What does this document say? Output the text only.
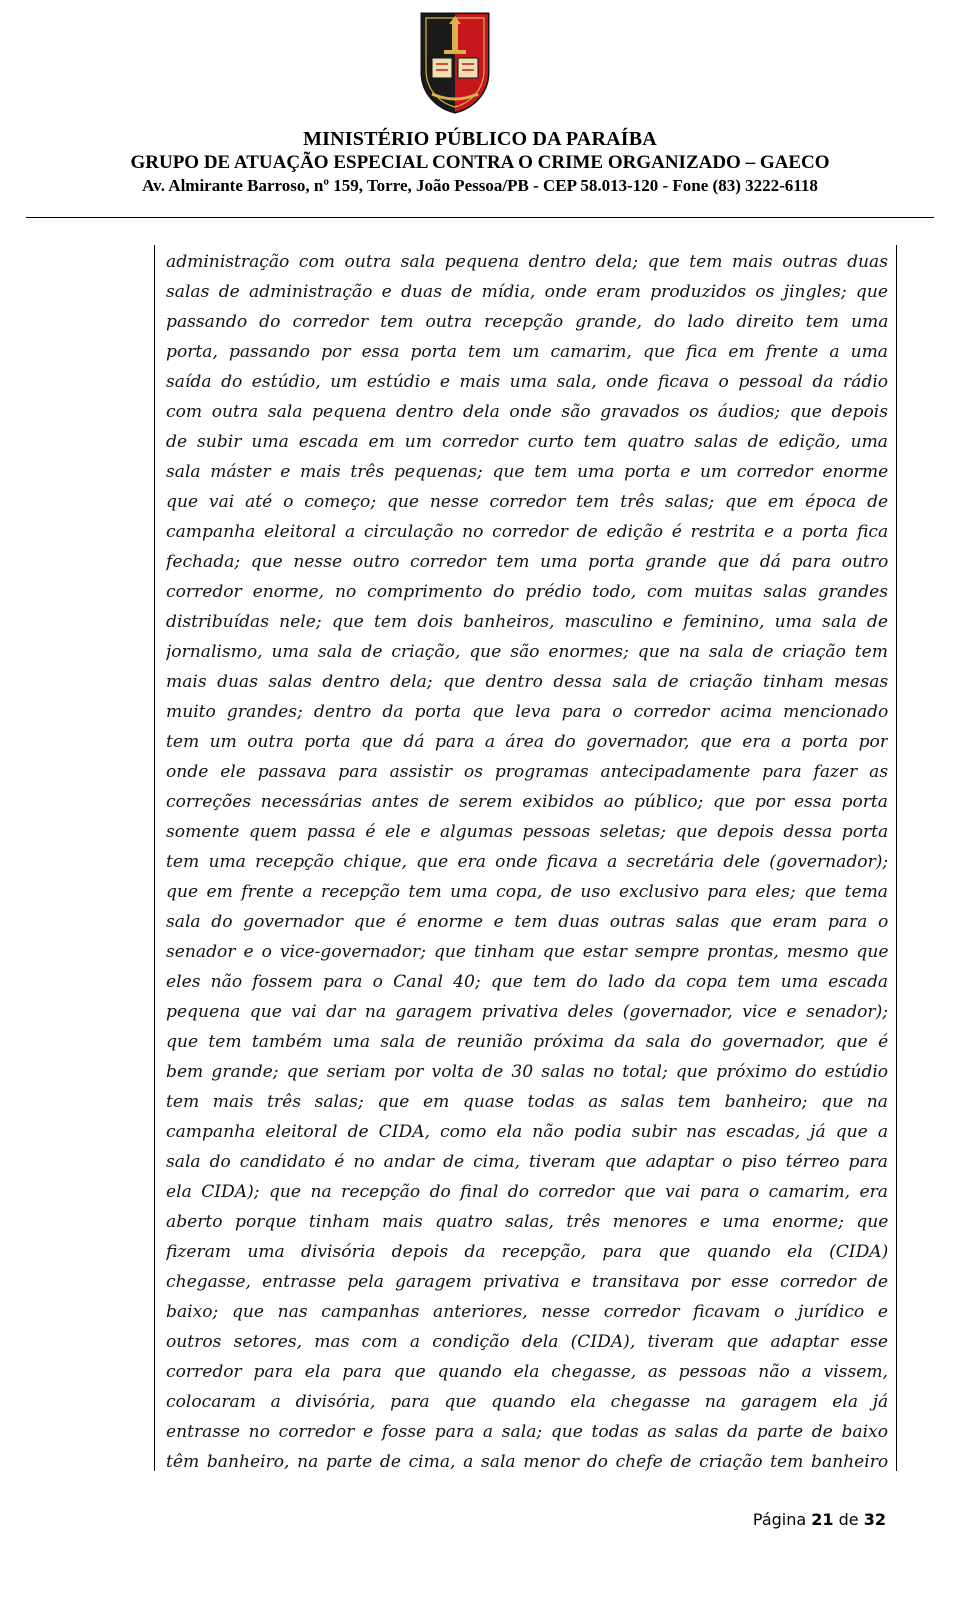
MINISTÉRIO PÚBLICO DA PARAÍBA
GRUPO DE ATUAÇÃO ESPECIAL CONTRA O CRIME ORGANIZADO – GAECO
Av. Almirante Barroso, nº 159, Torre, João Pessoa/PB - CEP 58.013-120 - Fone (83) 3222-6118
administração com outra sala pequena dentro dela; que tem mais outras duas
salas de administração e duas de mídia, onde eram produzidos os jingles; que
passando do corredor tem outra recepção grande, do lado direito tem uma
porta, passando por essa porta tem um camarim, que fica em frente a uma
saída do estúdio, um estúdio e mais uma sala, onde ficava o pessoal da rádio
com outra sala pequena dentro dela onde são gravados os áudios; que depois
de subir uma escada em um corredor curto tem quatro salas de edição, uma
sala máster e mais três pequenas; que tem uma porta e um corredor enorme
que vai até o começo; que nesse corredor tem três salas; que em época de
campanha eleitoral a circulação no corredor de edição é restrita e a porta fica
fechada; que nesse outro corredor tem uma porta grande que dá para outro
corredor enorme, no comprimento do prédio todo, com muitas salas grandes
distribuídas nele; que tem dois banheiros, masculino e feminino, uma sala de
jornalismo, uma sala de criação, que são enormes; que na sala de criação tem
mais duas salas dentro dela; que dentro dessa sala de criação tinham mesas
muito grandes; dentro da porta que leva para o corredor acima mencionado
tem um outra porta que dá para a área do governador, que era a porta por
onde ele passava para assistir os programas antecipadamente para fazer as
correções necessárias antes de serem exibidos ao público; que por essa porta
somente quem passa é ele e algumas pessoas seletas; que depois dessa porta
tem uma recepção chique, que era onde ficava a secretária dele (governador);
que em frente a recepção tem uma copa, de uso exclusivo para eles; que tema
sala do governador que é enorme e tem duas outras salas que eram para o
senador e o vice-governador; que tinham que estar sempre prontas, mesmo que
eles não fossem para o Canal 40; que tem do lado da copa tem uma escada
pequena que vai dar na garagem privativa deles (governador, vice e senador);
que tem também uma sala de reunião próxima da sala do governador, que é
bem grande; que seriam por volta de 30 salas no total; que próximo do estúdio
tem mais três salas; que em quase todas as salas tem banheiro; que na
campanha eleitoral de CIDA, como ela não podia subir nas escadas, já que a
sala do candidato é no andar de cima, tiveram que adaptar o piso térreo para
ela CIDA); que na recepção do final do corredor que vai para o camarim, era
aberto porque tinham mais quatro salas, três menores e uma enorme; que
fizeram uma divisória depois da recepção, para que quando ela (CIDA)
chegasse, entrasse pela garagem privativa e transitava por esse corredor de
baixo; que nas campanhas anteriores, nesse corredor ficavam o jurídico e
outros setores, mas com a condição dela (CIDA), tiveram que adaptar esse
corredor para ela para que quando ela chegasse, as pessoas não a vissem,
colocaram a divisória, para que quando ela chegasse na garagem ela já
entrasse no corredor e fosse para a sala; que todas as salas da parte de baixo
têm banheiro, na parte de cima, a sala menor do chefe de criação tem banheiro
Página 21 de 32
